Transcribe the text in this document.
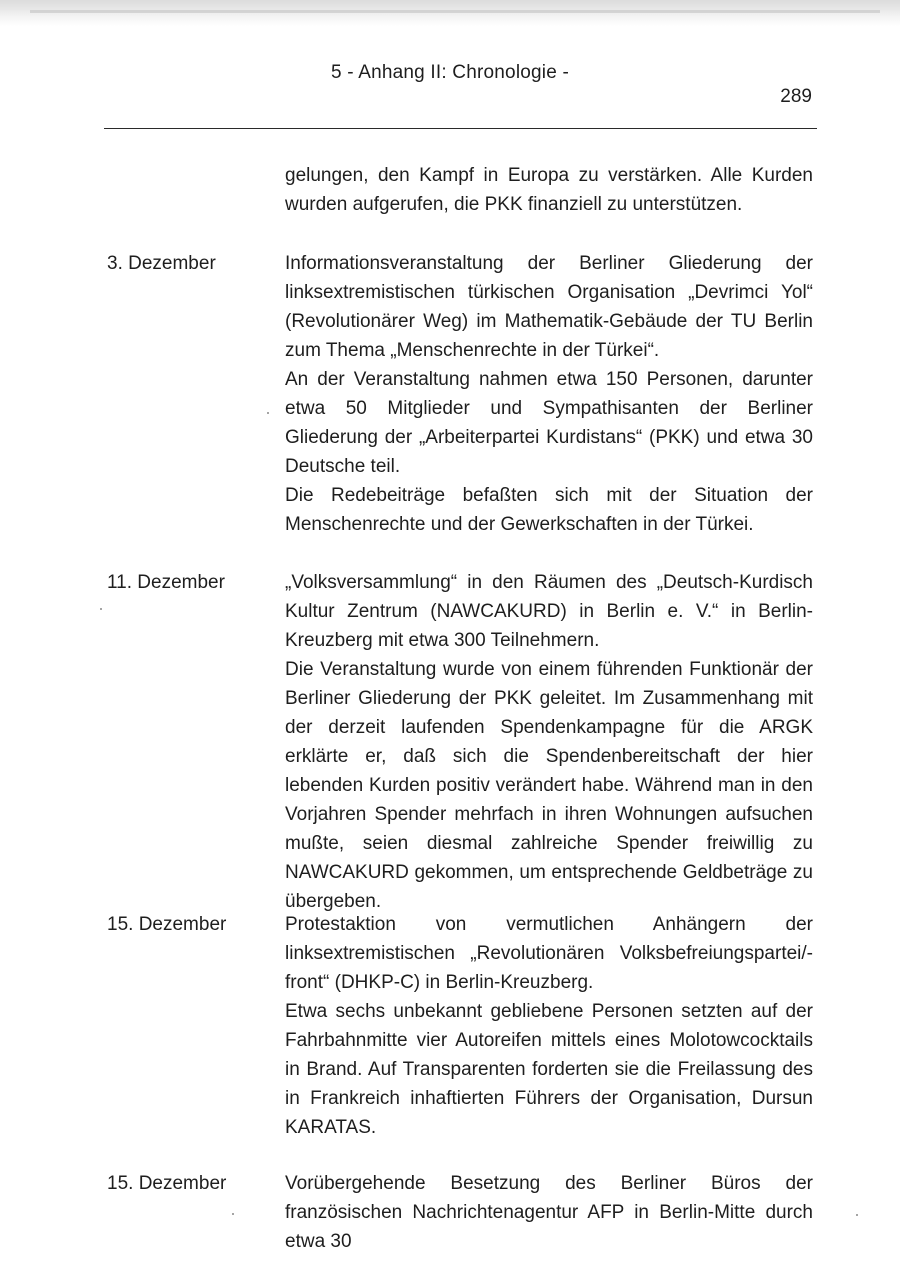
5 - Anhang II: Chronologie -
289

gelungen, den Kampf in Europa zu verstärken. Alle Kurden wurden aufgerufen, die PKK finanziell zu unterstützen.

3. Dezember	Informationsveranstaltung der Berliner Gliederung der linksextremistischen türkischen Organisation „Devrimci Yol“ (Revolutionärer Weg) im Mathematik-Gebäude der TU Berlin zum Thema „Menschenrechte in der Türkei“.

An der Veranstaltung nahmen etwa 150 Personen, darunter etwa 50 Mitglieder und Sympathisanten der Berliner Gliederung der „Arbeiterpartei Kurdistans“ (PKK) und etwa 30 Deutsche teil.

Die Redebeiträge befaßten sich mit der Situation der Menschenrechte und der Gewerkschaften in der Türkei.

11. Dezember	„Volksversammlung“ in den Räumen des „Deutsch-Kurdisch Kultur Zentrum (NAWCAKURD) in Berlin e. V.“ in Berlin-Kreuzberg mit etwa 300 Teilnehmern.

Die Veranstaltung wurde von einem führenden Funktionär der Berliner Gliederung der PKK geleitet. Im Zusammenhang mit der derzeit laufenden Spendenkampagne für die ARGK erklärte er, daß sich die Spendenbereitschaft der hier lebenden Kurden positiv verändert habe. Während man in den Vorjahren Spender mehrfach in ihren Wohnungen aufsuchen mußte, seien diesmal zahlreiche Spender freiwillig zu NAWCAKURD gekommen, um entsprechende Geldbeträge zu übergeben.

15. Dezember	Protestaktion von vermutlichen Anhängern der linksextremistischen „Revolutionären Volksbefreiungspartei/-front“ (DHKP-C) in Berlin-Kreuzberg.

Etwa sechs unbekannt gebliebene Personen setzten auf der Fahrbahnmitte vier Autoreifen mittels eines Molotowcocktails in Brand. Auf Transparenten forderten sie die Freilassung des in Frankreich inhaftierten Führers der Organisation, Dursun KARATAS.

15. Dezember	Vorübergehende Besetzung des Berliner Büros der französischen Nachrichtenagentur AFP in Berlin-Mitte durch etwa 30
